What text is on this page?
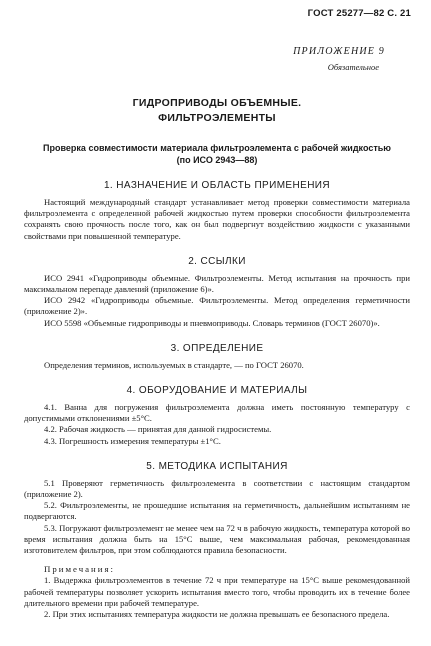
ГОСТ 25277—82 С. 21
ПРИЛОЖЕНИЕ 9
Обязательное
ГИДРОПРИВОДЫ ОБЪЕМНЫЕ.
ФИЛЬТРОЭЛЕМЕНТЫ
Проверка совместимости материала фильтроэлемента с рабочей жидкостью
(по ИСО 2943—88)
1. НАЗНАЧЕНИЕ И ОБЛАСТЬ ПРИМЕНЕНИЯ

Настоящий международный стандарт устанавливает метод проверки совместимости материала фильтроэлемента с определенной рабочей жидкостью путем проверки способности фильтроэлемента сохранять свою прочность после того, как он был подвергнут воздействию жидкости с указанными свойствами при повышенной температуре.

2. ССЫЛКИ

ИСО 2941 «Гидроприводы объемные. Фильтроэлементы. Метод испытания на прочность при максимальном перепаде давлений (приложение 6)».

ИСО 2942 «Гидроприводы объемные. Фильтроэлементы. Метод определения герметичности (приложение 2)».

ИСО 5598 «Объемные гидроприводы и пневмоприводы. Словарь терминов (ГОСТ 26070)».

3. ОПРЕДЕЛЕНИЕ

Определения терминов, используемых в стандарте, — по ГОСТ 26070.

4. ОБОРУДОВАНИЕ И МАТЕРИАЛЫ

4.1. Ванна для погружения фильтроэлемента должна иметь постоянную температуру с допустимыми отклонениями ±5°С.

4.2. Рабочая жидкость — принятая для данной гидросистемы.

4.3. Погрешность измерения температуры ±1°С.

5. МЕТОДИКА ИСПЫТАНИЯ

5.1 Проверяют герметичность фильтроэлемента в соответствии с настоящим стандартом (приложение 2).

5.2. Фильтроэлементы, не прошедшие испытания на герметичность, дальнейшим испытаниям не подвергаются.

5.3. Погружают фильтроэлемент не менее чем на 72 ч в рабочую жидкость, температура которой во время испытания должна быть на 15°С выше, чем максимальная рабочая, рекомендованная изготовителем фильтров, при этом соблюдаются правила безопасности.

Примечания:

1. Выдержка фильтроэлементов в течение 72 ч при температуре на 15°С выше рекомендованной рабочей температуры позволяет ускорить испытания вместо того, чтобы проводить их в течение более длительного времени при рабочей температуре.

2. При этих испытаниях температура жидкости не должна превышать ее безопасного предела.
